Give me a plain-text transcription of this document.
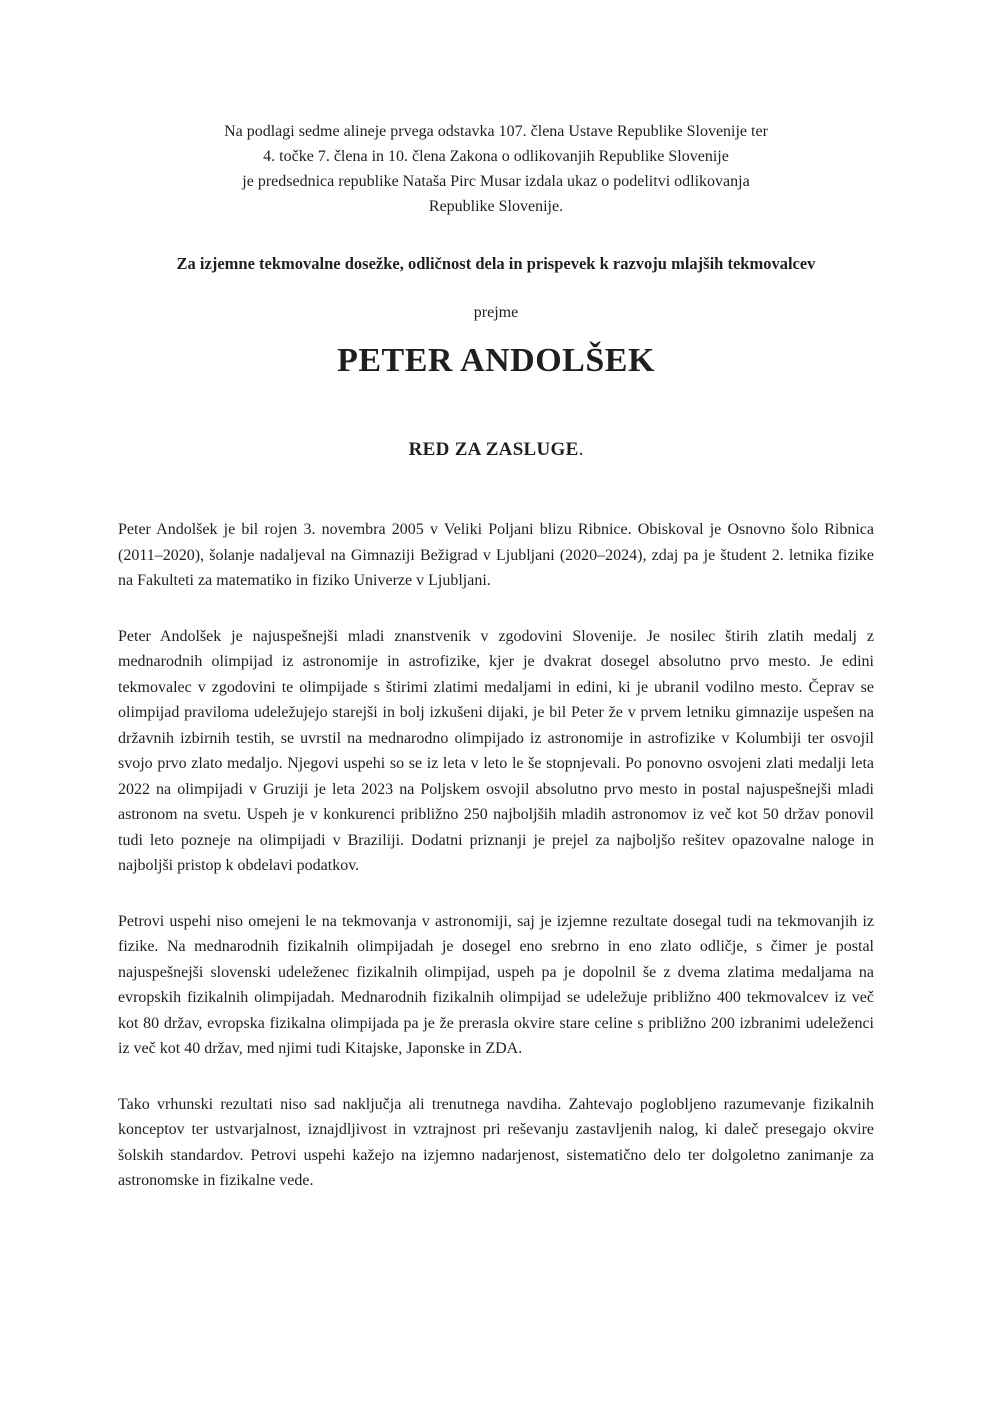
Na podlagi sedme alineje prvega odstavka 107. člena Ustave Republike Slovenije ter
4. točke 7. člena in 10. člena Zakona o odlikovanjih Republike Slovenije
je predsednica republike Nataša Pirc Musar izdala ukaz o podelitvi odlikovanja
Republike Slovenije.
Za izjemne tekmovalne dosežke, odličnost dela in prispevek k razvoju mlajših tekmovalcev
prejme
PETER ANDOLŠEK
RED ZA ZASLUGE.

Peter Andolšek je bil rojen 3. novembra 2005 v Veliki Poljani blizu Ribnice. Obiskoval je Osnovno šolo Ribnica (2011–2020), šolanje nadaljeval na Gimnaziji Bežigrad v Ljubljani (2020–2024), zdaj pa je študent 2. letnika fizike na Fakulteti za matematiko in fiziko Univerze v Ljubljani.

Peter Andolšek je najuspešnejši mladi znanstvenik v zgodovini Slovenije. Je nosilec štirih zlatih medalj z mednarodnih olimpijad iz astronomije in astrofizike, kjer je dvakrat dosegel absolutno prvo mesto. Je edini tekmovalec v zgodovini te olimpijade s štirimi zlatimi medaljami in edini, ki je ubranil vodilno mesto. Čeprav se olimpijad praviloma udeležujejo starejši in bolj izkušeni dijaki, je bil Peter že v prvem letniku gimnazije uspešen na državnih izbirnih testih, se uvrstil na mednarodno olimpijado iz astronomije in astrofizike v Kolumbiji ter osvojil svojo prvo zlato medaljo. Njegovi uspehi so se iz leta v leto le še stopnjevali. Po ponovno osvojeni zlati medalji leta 2022 na olimpijadi v Gruziji je leta 2023 na Poljskem osvojil absolutno prvo mesto in postal najuspešnejši mladi astronom na svetu. Uspeh je v konkurenci približno 250 najboljših mladih astronomov iz več kot 50 držav ponovil tudi leto pozneje na olimpijadi v Braziliji. Dodatni priznanji je prejel za najboljšo rešitev opazovalne naloge in najboljši pristop k obdelavi podatkov.

Petrovi uspehi niso omejeni le na tekmovanja v astronomiji, saj je izjemne rezultate dosegal tudi na tekmovanjih iz fizike. Na mednarodnih fizikalnih olimpijadah je dosegel eno srebrno in eno zlato odličje, s čimer je postal najuspešnejši slovenski udeleženec fizikalnih olimpijad, uspeh pa je dopolnil še z dvema zlatima medaljama na evropskih fizikalnih olimpijadah. Mednarodnih fizikalnih olimpijad se udeležuje približno 400 tekmovalcev iz več kot 80 držav, evropska fizikalna olimpijada pa je že prerasla okvire stare celine s približno 200 izbranimi udeleženci iz več kot 40 držav, med njimi tudi Kitajske, Japonske in ZDA.

Tako vrhunski rezultati niso sad naključja ali trenutnega navdiha. Zahtevajo poglobljeno razumevanje fizikalnih konceptov ter ustvarjalnost, iznajdljivost in vztrajnost pri reševanju zastavljenih nalog, ki daleč presegajo okvire šolskih standardov. Petrovi uspehi kažejo na izjemno nadarjenost, sistematično delo ter dolgoletno zanimanje za astronomske in fizikalne vede.
